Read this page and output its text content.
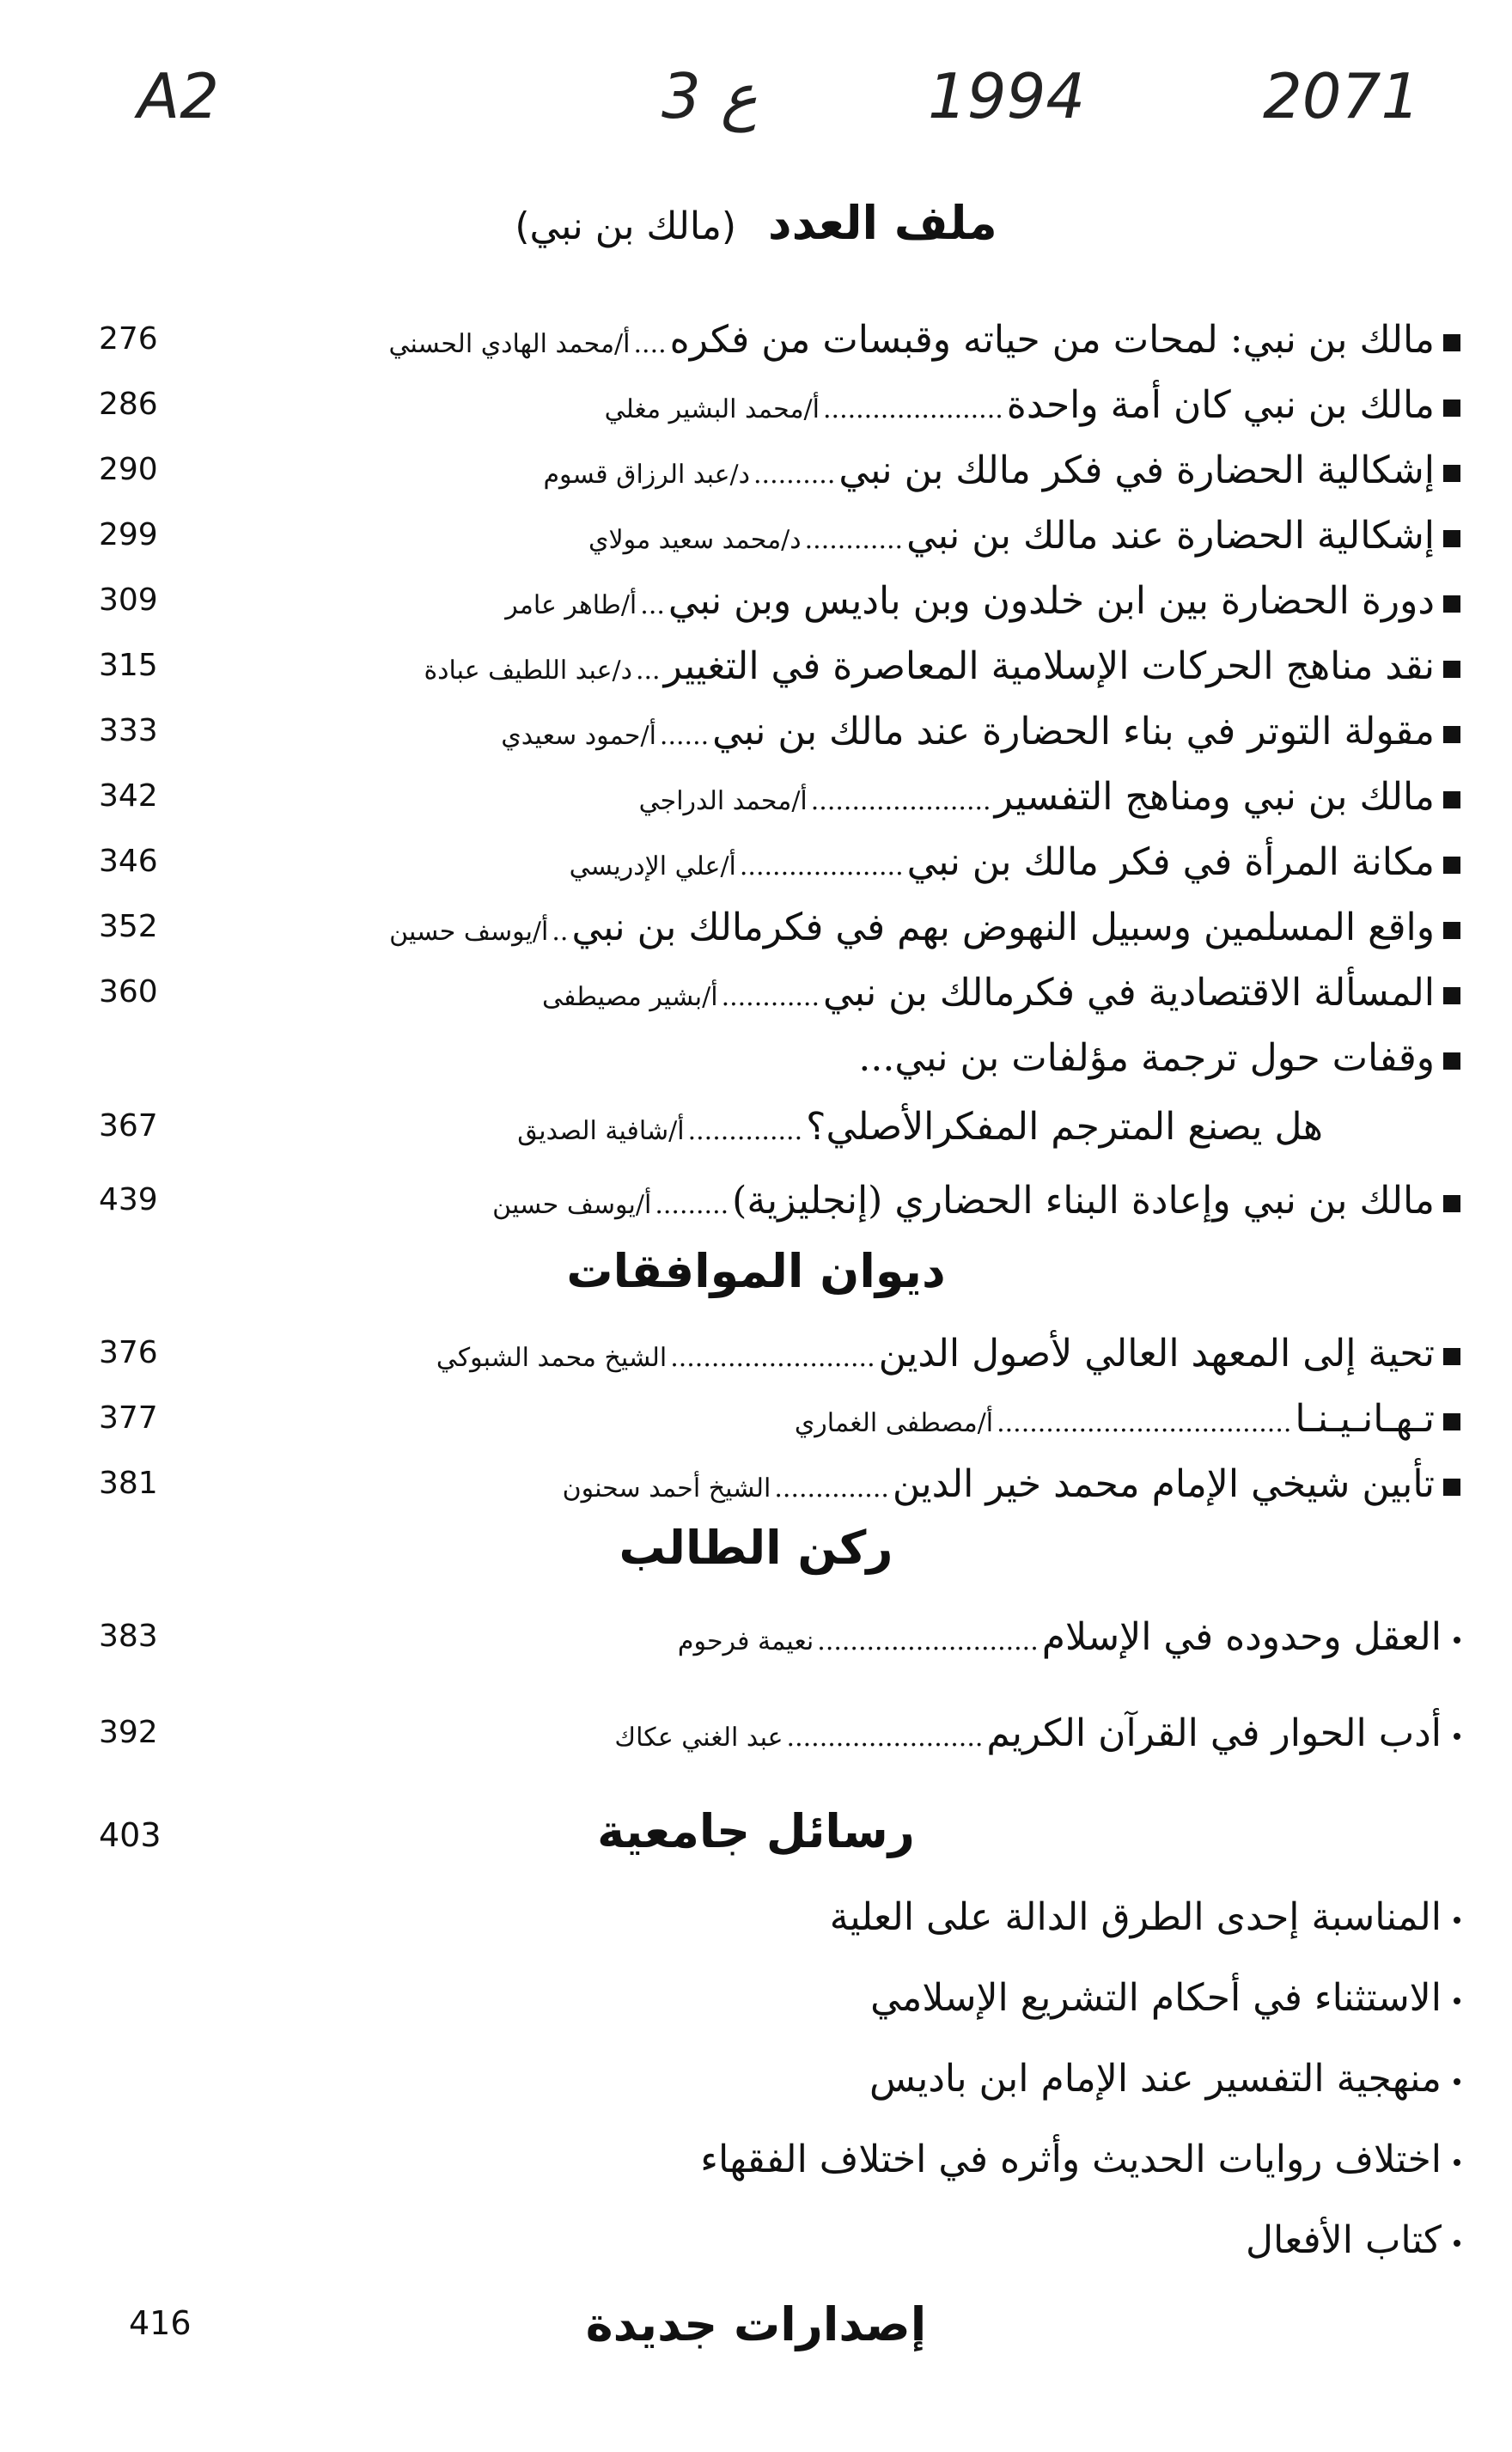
A2	3 ع	1994	2071
ملف العدد (مالك بن نبي)
276	مالك بن نبي: لمحات من حياته وقبسات من فكره....أ/محمد الهادي الحسني
286	مالك بن نبي كان أمة واحدة......................أ/محمد البشير مغلي
290	إشكالية الحضارة في فكر مالك بن نبي..........د/عبد الرزاق قسوم
299	إشكالية الحضارة عند مالك بن نبي............د/محمد سعيد مولاي
309	دورة الحضارة بين ابن خلدون وبن باديس وبن نبي...أ/طاهر عامر
315	نقد مناهج الحركات الإسلامية المعاصرة في التغيير...د/عبد اللطيف عبادة
333	مقولة التوتر في بناء الحضارة عند مالك بن نبي......أ/حمود سعيدي
342	مالك بن نبي ومناهج التفسير......................أ/محمد الدراجي
346	مكانة المرأة في فكر مالك بن نبي....................أ/علي الإدريسي
352	واقع المسلمين وسبيل النهوض بهم في فكرمالك بن نبي..أ/يوسف حسين
360	المسألة الاقتصادية في فكرمالك بن نبي............أ/بشير مصيطفى
وقفات حول ترجمة مؤلفات بن نبي...
367	هل يصنع المترجم المفكرالأصلي؟..............أ/شافية الصديق
439	مالك بن نبي وإعادة البناء الحضاري (إنجليزية).........أ/يوسف حسين
ديوان الموافقات
376	تحية إلى المعهد العالي لأصول الدين.........................الشيخ محمد الشبوكي
377	تـهـانـيـنـا....................................أ/مصطفى الغماري
381	تأبين شيخي الإمام محمد خير الدين..............الشيخ أحمد سحنون
ركن الطالب
383	العقل وحدوده في الإسلام...........................نعيمة فرحوم
392	أدب الحوار في القرآن الكريم........................عبد الغني عكاك
403	رسائل جامعية
المناسبة إحدى الطرق الدالة على العلية
الاستثناء في أحكام التشريع الإسلامي
منهجية التفسير عند الإمام ابن باديس
اختلاف روايات الحديث وأثره في اختلاف الفقهاء
كتاب الأفعال
416	إصدارات جديدة
